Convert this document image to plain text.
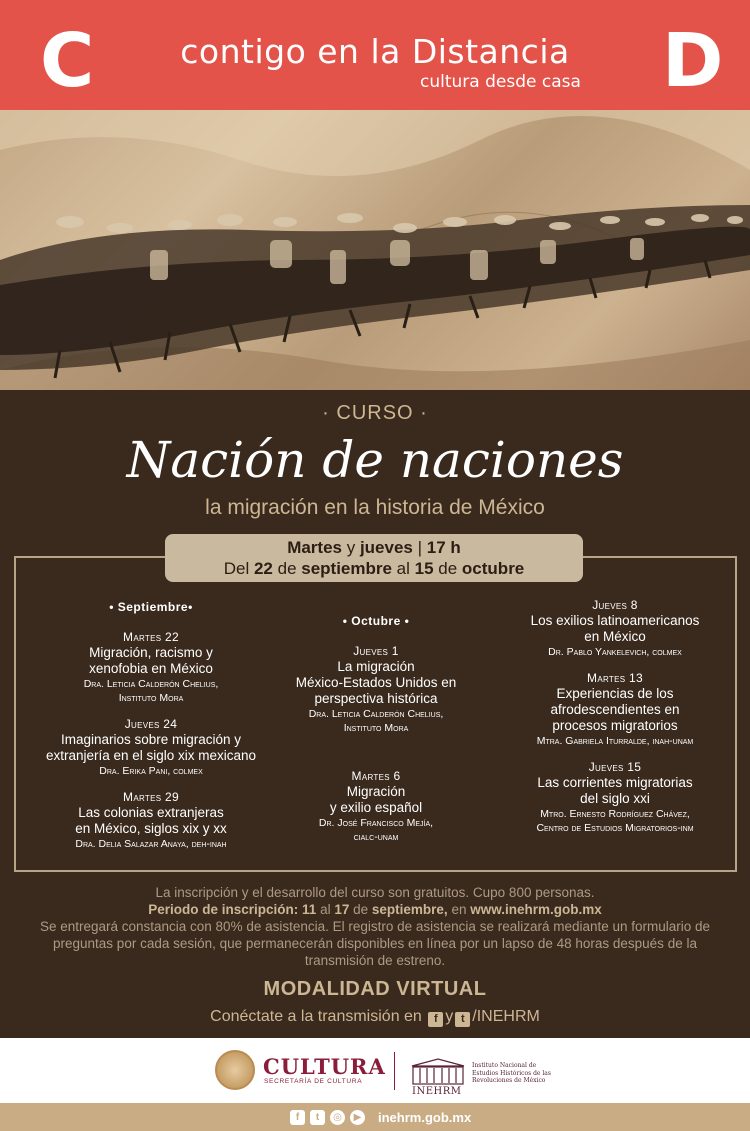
C	contigo en la Distancia
cultura desde casa D
· CURSO ·
Nación de naciones
la migración en la historia de México
Martes y jueves | 17 h
Del 22 de septiembre al 15 de octubre
• Septiembre•
Martes 22
Migración, racismo y
xenofobia en México
Dra. Leticia Calderón Chelius,
Instituto Mora
Jueves 24
Imaginarios sobre migración y
extranjería en el siglo xix mexicano
Dra. Erika Pani, colmex
Martes 29
Las colonias extranjeras
en México, siglos xix y xx
Dra. Delia Salazar Anaya, deh-inah
• Octubre •
Jueves 1
La migración
México-Estados Unidos en
perspectiva histórica
Dra. Leticia Calderón Chelius,
Instituto Mora
Martes 6
Migración
y exilio español
Dr. José Francisco Mejía,
cialc-unam
Jueves 8
Los exilios latinoamericanos
en México
Dr. Pablo Yankelevich, colmex
Martes 13
Experiencias de los
afrodescendientes en
procesos migratorios
Mtra. Gabriela Iturralde, inah-unam
Jueves 15
Las corrientes migratorias
del siglo xxi
Mtro. Ernesto Rodríguez Chávez,
Centro de Estudios Migratorios-inm
La inscripción y el desarrollo del curso son gratuitos. Cupo 800 personas.
Periodo de inscripción: 11 al 17 de septiembre, en www.inehrm.gob.mx
Se entregará constancia con 80% de asistencia. El registro de asistencia se realizará mediante un formulario de preguntas por cada sesión, que permanecerán disponibles en línea por un lapso de 48 horas después de la transmisión de estreno.
MODALIDAD VIRTUAL
Conéctate a la transmisión en f y t /INEHRM
CULTURA
SECRETARÍA DE CULTURA
INEHRM
Instituto Nacional de Estudios Históricos de las Revoluciones de México
f	t	◎	▶ inehrm.gob.mx
